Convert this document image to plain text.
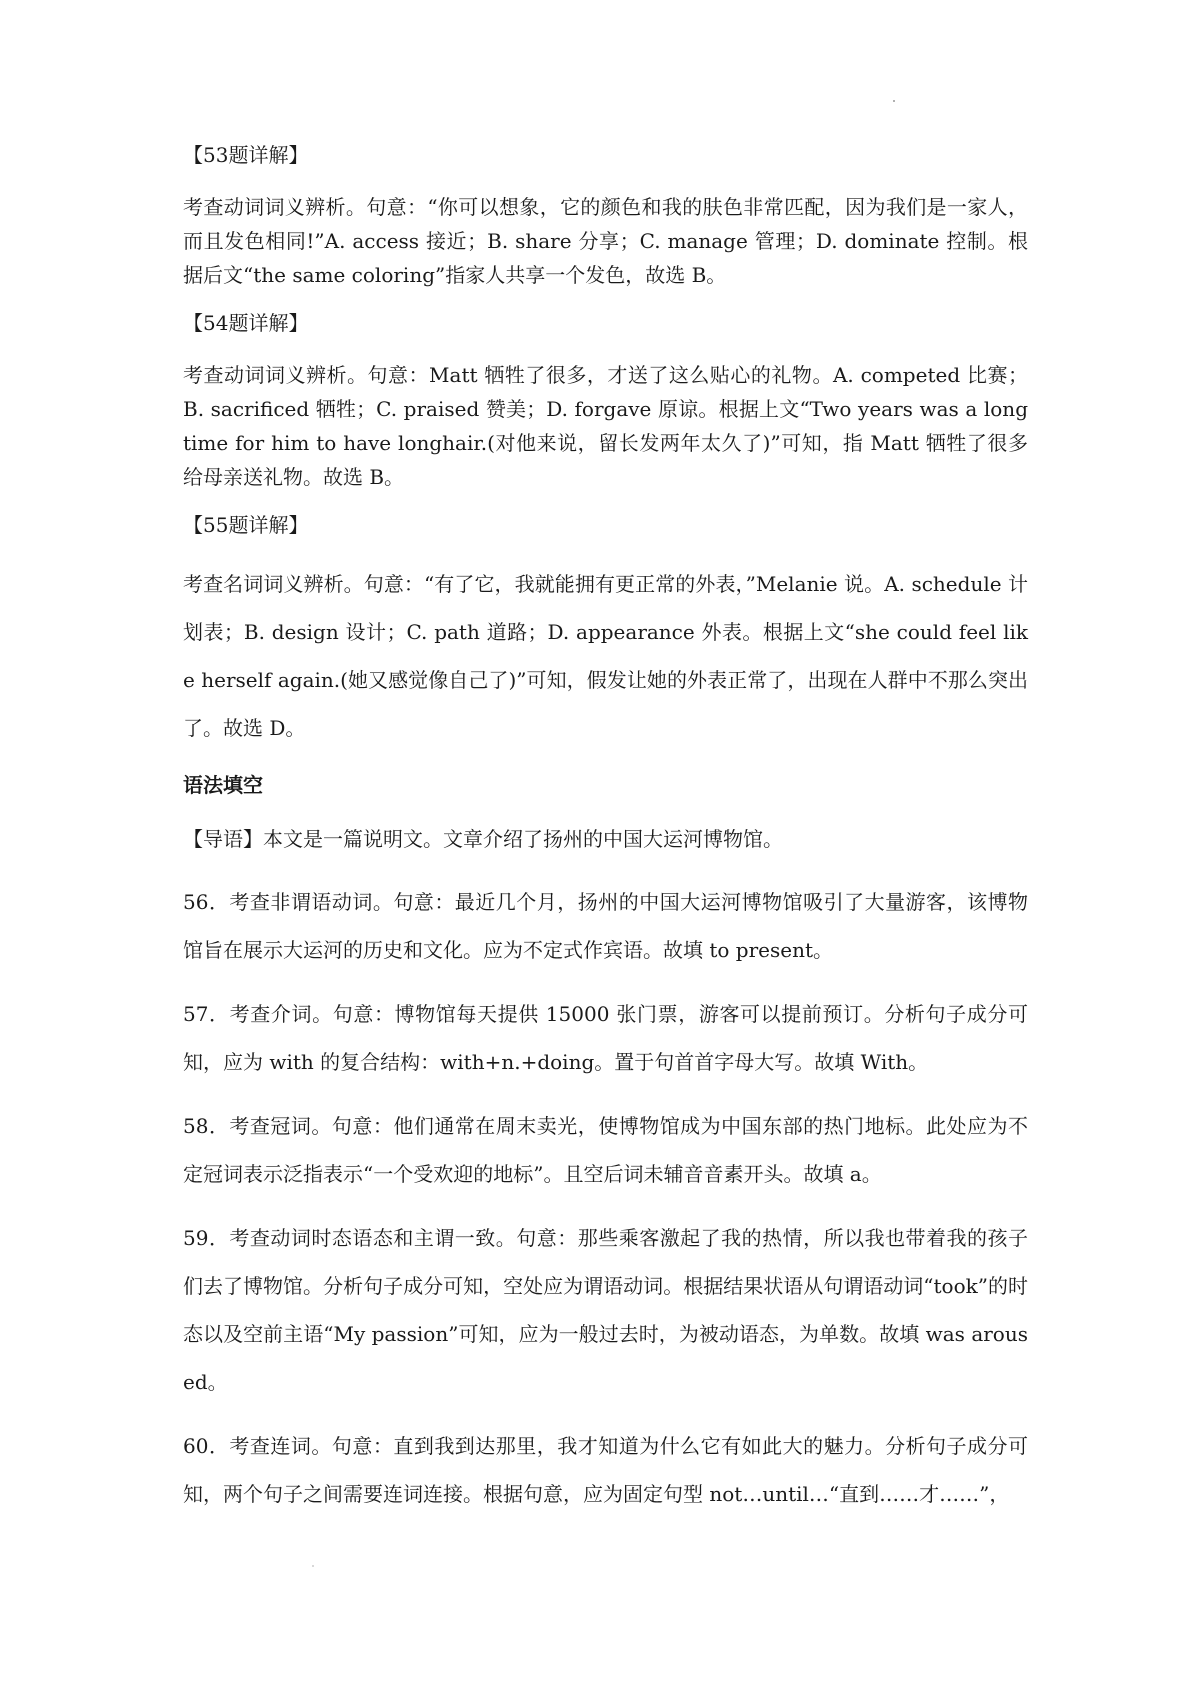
【53题详解】
考查动词词义辨析。句意：“你可以想象，它的颜色和我的肤色非常匹配，因为我们是一家人，而且发色相同!”A. access 接近；B. share 分享；C. manage 管理；D. dominate 控制。根据后文“the same coloring”指家人共享一个发色，故选 B。
【54题详解】
考查动词词义辨析。句意：Matt 牺牲了很多，才送了这么贴心的礼物。A. competed 比赛；B. sacrificed 牺牲；C. praised 赞美；D. forgave 原谅。根据上文“Two years was a long time for him to have longhair.(对他来说，留长发两年太久了)”可知，指 Matt 牺牲了很多给母亲送礼物。故选 B。
【55题详解】
考查名词词义辨析。句意：“有了它，我就能拥有更正常的外表，”Melanie 说。A. schedule 计划表；B. design 设计；C. path 道路；D. appearance 外表。根据上文“she could feel like herself again.(她又感觉像自己了)”可知，假发让她的外表正常了，出现在人群中不那么突出了。故选 D。
语法填空
【导语】本文是一篇说明文。文章介绍了扬州的中国大运河博物馆。
56．考查非谓语动词。句意：最近几个月，扬州的中国大运河博物馆吸引了大量游客，该博物馆旨在展示大运河的历史和文化。应为不定式作宾语。故填 to present。
57．考查介词。句意：博物馆每天提供 15000 张门票，游客可以提前预订。分析句子成分可知，应为 with 的复合结构：with+n.+doing。置于句首首字母大写。故填 With。
58．考查冠词。句意：他们通常在周末卖光，使博物馆成为中国东部的热门地标。此处应为不定冠词表示泛指表示“一个受欢迎的地标”。且空后词未辅音音素开头。故填 a。
59．考查动词时态语态和主谓一致。句意：那些乘客激起了我的热情，所以我也带着我的孩子们去了博物馆。分析句子成分可知，空处应为谓语动词。根据结果状语从句谓语动词“took”的时态以及空前主语“My passion”可知，应为一般过去时，为被动语态，为单数。故填 was aroused。
60．考查连词。句意：直到我到达那里，我才知道为什么它有如此大的魅力。分析句子成分可知，两个句子之间需要连词连接。根据句意，应为固定句型 not…until…“直到……才……”，
